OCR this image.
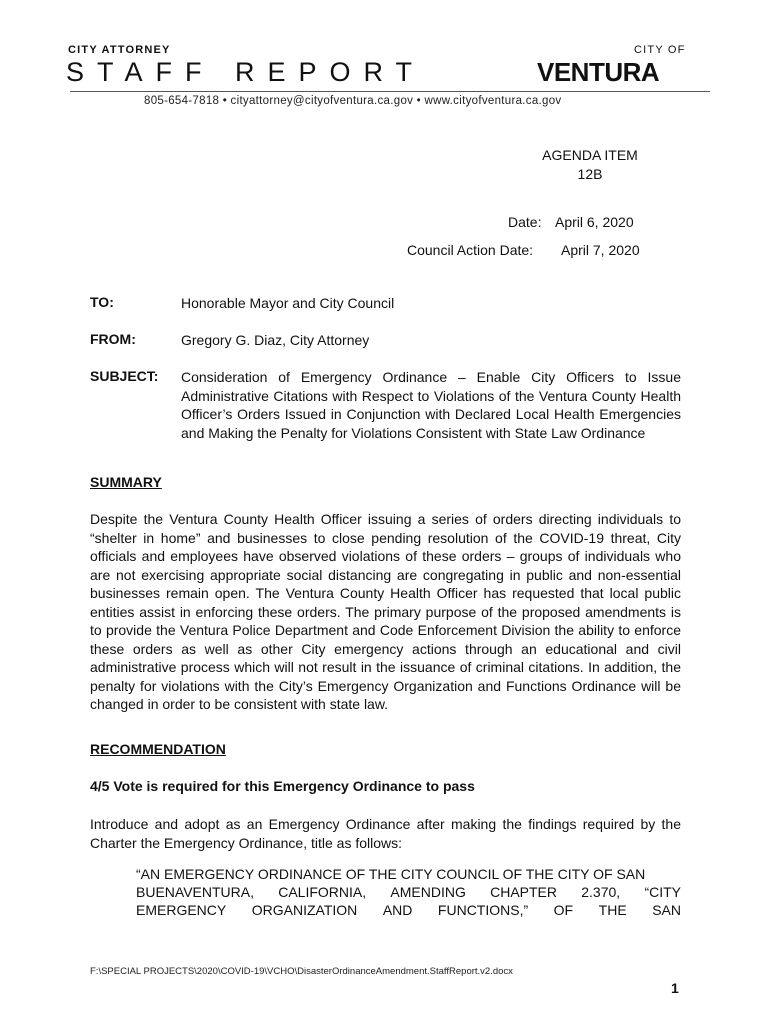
CITY ATTORNEY
STAFF REPORT
CITY OF
VENTURA
805-654-7818 • cityattorney@cityofventura.ca.gov • www.cityofventura.ca.gov
AGENDA ITEM
12B
Date: April 6, 2020
Council Action Date: April 7, 2020
TO:	Honorable Mayor and City Council
FROM:	Gregory G. Diaz, City Attorney
SUBJECT: Consideration of Emergency Ordinance – Enable City Officers to Issue Administrative Citations with Respect to Violations of the Ventura County Health Officer’s Orders Issued in Conjunction with Declared Local Health Emergencies and Making the Penalty for Violations Consistent with State Law Ordinance
SUMMARY
Despite the Ventura County Health Officer issuing a series of orders directing individuals to “shelter in home” and businesses to close pending resolution of the COVID-19 threat, City officials and employees have observed violations of these orders – groups of individuals who are not exercising appropriate social distancing are congregating in public and non-essential businesses remain open. The Ventura County Health Officer has requested that local public entities assist in enforcing these orders. The primary purpose of the proposed amendments is to provide the Ventura Police Department and Code Enforcement Division the ability to enforce these orders as well as other City emergency actions through an educational and civil administrative process which will not result in the issuance of criminal citations. In addition, the penalty for violations with the City’s Emergency Organization and Functions Ordinance will be changed in order to be consistent with state law.
RECOMMENDATION
4/5 Vote is required for this Emergency Ordinance to pass
Introduce and adopt as an Emergency Ordinance after making the findings required by the Charter the Emergency Ordinance, title as follows:
“AN EMERGENCY ORDINANCE OF THE CITY COUNCIL OF THE CITY OF SAN
BUENAVENTURA, CALIFORNIA, AMENDING CHAPTER 2.370, “CITY
EMERGENCY ORGANIZATION AND FUNCTIONS,” OF THE SAN
F:\SPECIAL PROJECTS\2020\COVID-19\VCHO\DisasterOrdinanceAmendment.StaffReport.v2.docx
1
